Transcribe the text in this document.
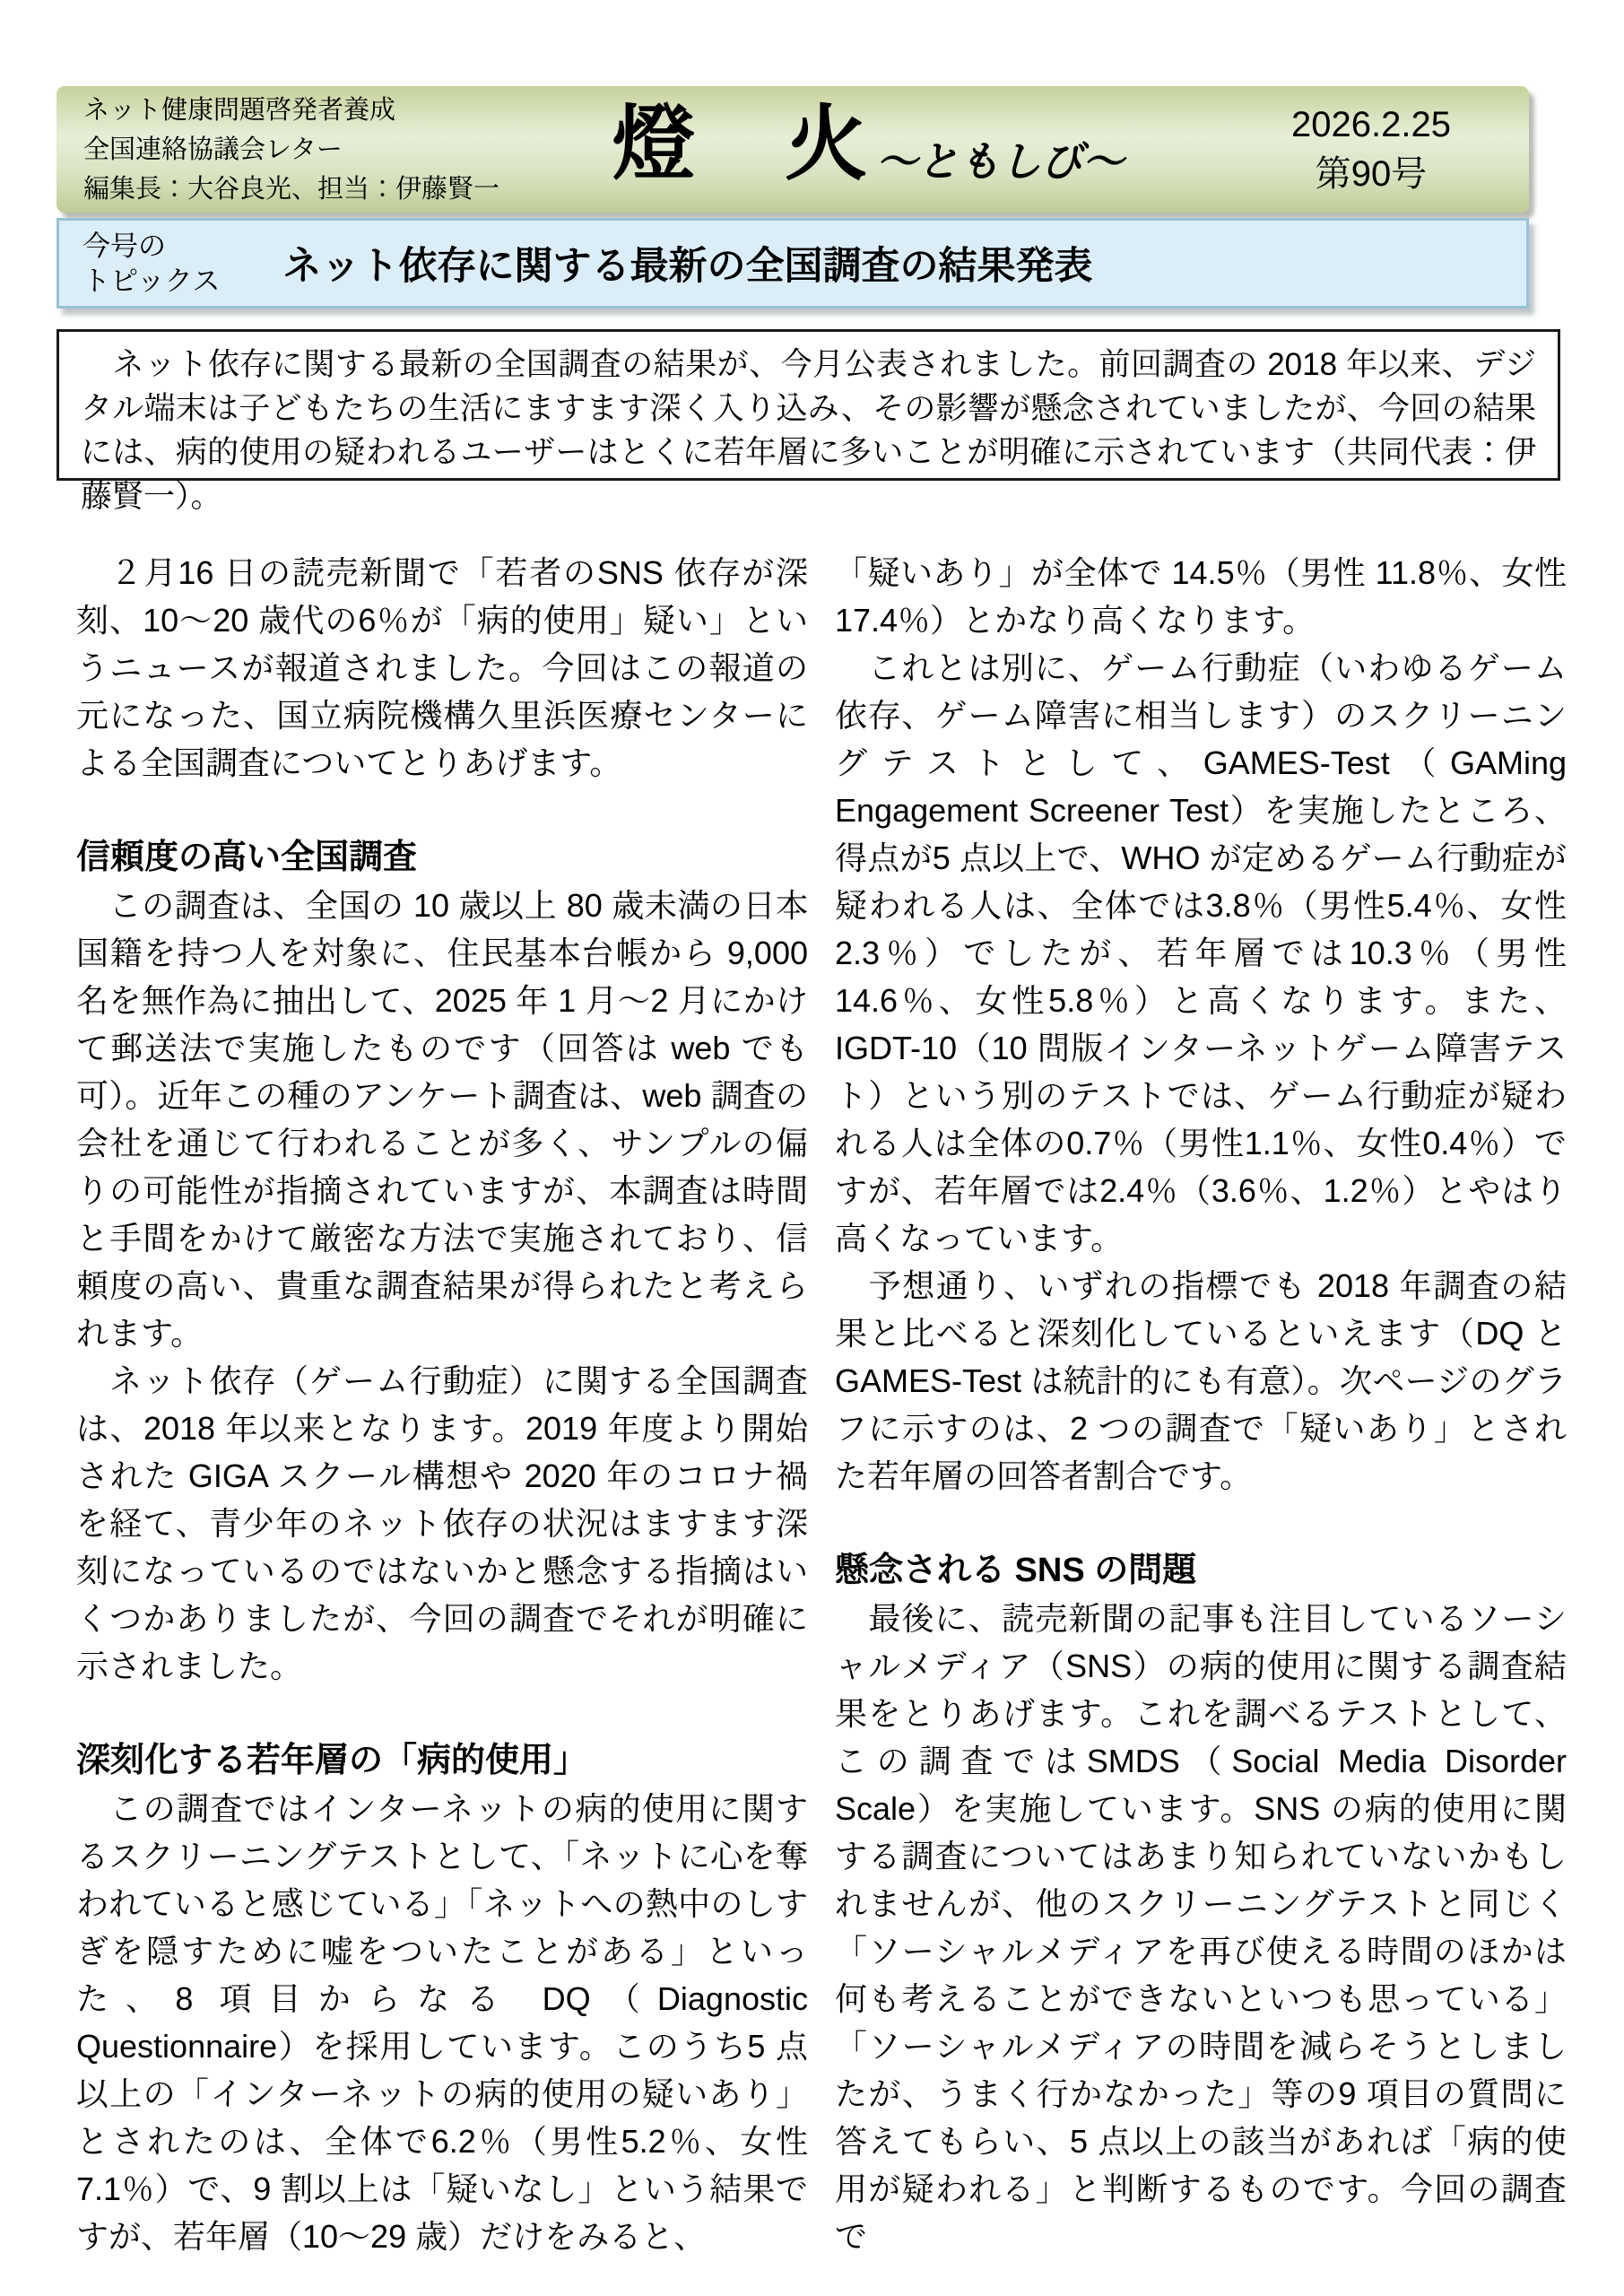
ネット健康問題啓発者養成
全国連絡協議会レター
編集長：大谷良光、担当：伊藤賢一 燈　火 〜ともしび〜
2026.2.25
第90号
今号の
トピックス ネット依存に関する最新の全国調査の結果発表

　ネット依存に関する最新の全国調査の結果が、今月公表されました。前回調査の 2018 年以来、デジタル端末は子どもたちの生活にますます深く入り込み、その影響が懸念されていましたが、今回の結果には、病的使用の疑われるユーザーはとくに若年層に多いことが明確に示されています（共同代表：伊藤賢一）。

　２月16 日の読売新聞で「若者のSNS 依存が深刻、10～20 歳代の6％が「病的使用」疑い」というニュースが報道されました。今回はこの報道の元になった、国立病院機構久里浜医療センターによる全国調査についてとりあげます。

信頼度の高い全国調査

　この調査は、全国の 10 歳以上 80 歳未満の日本国籍を持つ人を対象に、住民基本台帳から 9,000 名を無作為に抽出して、2025 年 1 月～2 月にかけて郵送法で実施したものです（回答は web でも可）。近年この種のアンケート調査は、web 調査の会社を通じて行われることが多く、サンプルの偏りの可能性が指摘されていますが、本調査は時間と手間をかけて厳密な方法で実施されており、信頼度の高い、貴重な調査結果が得られたと考えられます。

　ネット依存（ゲーム行動症）に関する全国調査は、2018 年以来となります。2019 年度より開始された GIGA スクール構想や 2020 年のコロナ禍を経て、青少年のネット依存の状況はますます深刻になっているのではないかと懸念する指摘はいくつかありましたが、今回の調査でそれが明確に示されました。

深刻化する若年層の「病的使用」

　この調査ではインターネットの病的使用に関するスクリーニングテストとして、「ネットに心を奪われていると感じている」「ネットへの熱中のしすぎを隠すために嘘をついたことがある」といった、8 項目からなる DQ（Diagnostic Questionnaire）を採用しています。このうち5 点以上の「インターネットの病的使用の疑いあり」とされたのは、全体で6.2％（男性5.2％、女性 7.1％）で、9 割以上は「疑いなし」という結果ですが、若年層（10～29 歳）だけをみると、

「疑いあり」が全体で 14.5％（男性 11.8％、女性 17.4％）とかなり高くなります。

　これとは別に、ゲーム行動症（いわゆるゲーム依存、ゲーム障害に相当します）のスクリーニングテストとして、GAMES-Test（GAMing Engagement Screener Test）を実施したところ、得点が5 点以上で、WHO が定めるゲーム行動症が疑われる人は、全体では3.8％（男性5.4％、女性2.3％）でしたが、若年層では10.3％（男性14.6％、女性5.8％）と高くなります。また、IGDT-10（10 問版インターネットゲーム障害テスト）という別のテストでは、ゲーム行動症が疑われる人は全体の0.7％（男性1.1％、女性0.4％）ですが、若年層では2.4％（3.6％、1.2％）とやはり高くなっています。

　予想通り、いずれの指標でも 2018 年調査の結果と比べると深刻化しているといえます（DQ とGAMES-Test は統計的にも有意）。次ページのグラフに示すのは、2 つの調査で「疑いあり」とされた若年層の回答者割合です。

懸念される SNS の問題

　最後に、読売新聞の記事も注目しているソーシャルメディア（SNS）の病的使用に関する調査結果をとりあげます。これを調べるテストとして、この調査ではSMDS（Social Media Disorder Scale）を実施しています。SNS の病的使用に関する調査についてはあまり知られていないかもしれませんが、他のスクリーニングテストと同じく「ソーシャルメディアを再び使える時間のほかは何も考えることができないといつも思っている」「ソーシャルメディアの時間を減らそうとしましたが、うまく行かなかった」等の9 項目の質問に答えてもらい、5 点以上の該当があれば「病的使用が疑われる」と判断するものです。今回の調査で
